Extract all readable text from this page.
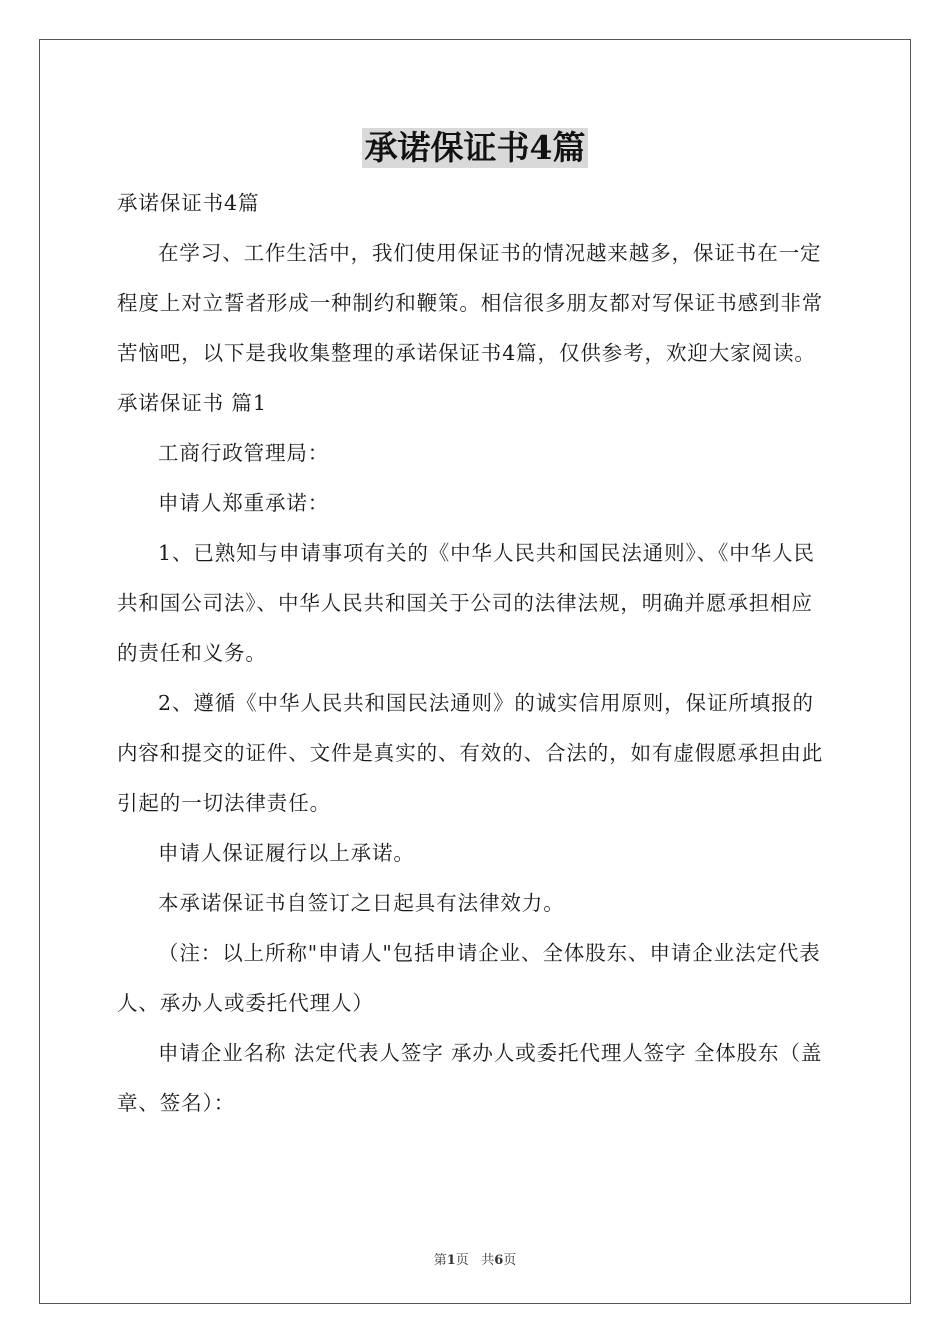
承诺保证书4篇

承诺保证书4篇

在学习、工作生活中，我们使用保证书的情况越来越多，保证书在一定程度上对立誓者形成一种制约和鞭策。相信很多朋友都对写保证书感到非常苦恼吧，以下是我收集整理的承诺保证书4篇，仅供参考，欢迎大家阅读。

承诺保证书 篇1

工商行政管理局：

申请人郑重承诺：

1、已熟知与申请事项有关的《中华人民共和国民法通则》、《中华人民共和国公司法》、中华人民共和国关于公司的法律法规，明确并愿承担相应的责任和义务。

2、遵循《中华人民共和国民法通则》的诚实信用原则，保证所填报的内容和提交的证件、文件是真实的、有效的、合法的，如有虚假愿承担由此引起的一切法律责任。

申请人保证履行以上承诺。

本承诺保证书自签订之日起具有法律效力。

（注：以上所称"申请人"包括申请企业、全体股东、申请企业法定代表人、承办人或委托代理人）

申请企业名称 法定代表人签字 承办人或委托代理人签字 全体股东（盖章、签名）：

第1页 共6页
